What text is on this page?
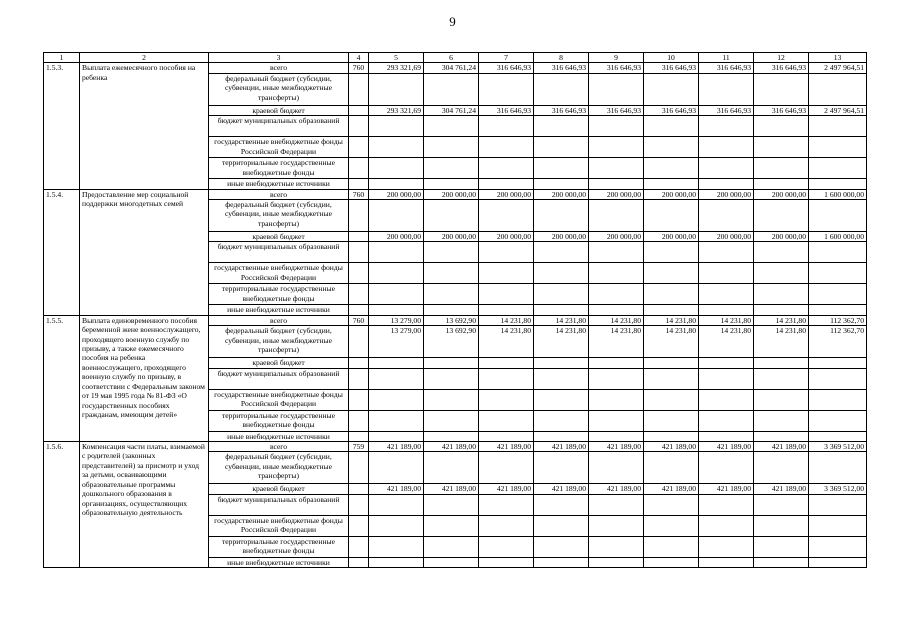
9
1	2	3	4	5	6	7	8	9	10	11	12	13
1.5.3.	Выплата ежемесячного пособия на ребенка	всего	760	293 321,69	304 761,24	316 646,93	316 646,93	316 646,93	316 646,93	316 646,93	316 646,93	2 497 964,51
		федеральный бюджет (субсидии, субвенции, иные межбюджетные трансферты)										
		краевой бюджет		293 321,69	304 761,24	316 646,93	316 646,93	316 646,93	316 646,93	316 646,93	316 646,93	2 497 964,51
		бюджет муниципальных образований										
		государственные внебюджетные фонды Российской Федерации										
		территориальные государственные внебюджетные фонды										
		иные внебюджетные источники										
1.5.4.	Предоставление мер социальной поддержки многодетных семей	всего	760	200 000,00	200 000,00	200 000,00	200 000,00	200 000,00	200 000,00	200 000,00	200 000,00	1 600 000,00
		федеральный бюджет (субсидии, субвенции, иные межбюджетные трансферты)										
		краевой бюджет		200 000,00	200 000,00	200 000,00	200 000,00	200 000,00	200 000,00	200 000,00	200 000,00	1 600 000,00
		бюджет муниципальных образований										
		государственные внебюджетные фонды Российской Федерации										
		территориальные государственные внебюджетные фонды										
		иные внебюджетные источники										
1.5.5.	Выплата единовременного пособия беременной жене военнослужащего, проходящего военную службу по призыву, а также ежемесячного пособия на ребенка военнослужащего, проходящего военную службу по призыву, в соответствии с Федеральным законом от 19 мая 1995 года № 81-ФЗ «О государственных пособиях гражданам, имеющим детей»	всего	760	13 279,00	13 692,90	14 231,80	14 231,80	14 231,80	14 231,80	14 231,80	14 231,80	112 362,70
		федеральный бюджет (субсидии, субвенции, иные межбюджетные трансферты)		13 279,00	13 692,90	14 231,80	14 231,80	14 231,80	14 231,80	14 231,80	14 231,80	112 362,70
		краевой бюджет										
		бюджет муниципальных образований										
		государственные внебюджетные фонды Российской Федерации										
		территориальные государственные внебюджетные фонды										
		иные внебюджетные источники										
1.5.6.	Компенсация части платы, взимаемой с родителей (законных представителей) за присмотр и уход за детьми, осваивающими образовательные программы дошкольного образования в организациях, осуществляющих образовательную деятельность	всего	759	421 189,00	421 189,00	421 189,00	421 189,00	421 189,00	421 189,00	421 189,00	421 189,00	3 369 512,00
		федеральный бюджет (субсидии, субвенции, иные межбюджетные трансферты)										
		краевой бюджет		421 189,00	421 189,00	421 189,00	421 189,00	421 189,00	421 189,00	421 189,00	421 189,00	3 369 512,00
		бюджет муниципальных образований										
		государственные внебюджетные фонды Российской Федерации										
		территориальные государственные внебюджетные фонды										
		иные внебюджетные источники										
